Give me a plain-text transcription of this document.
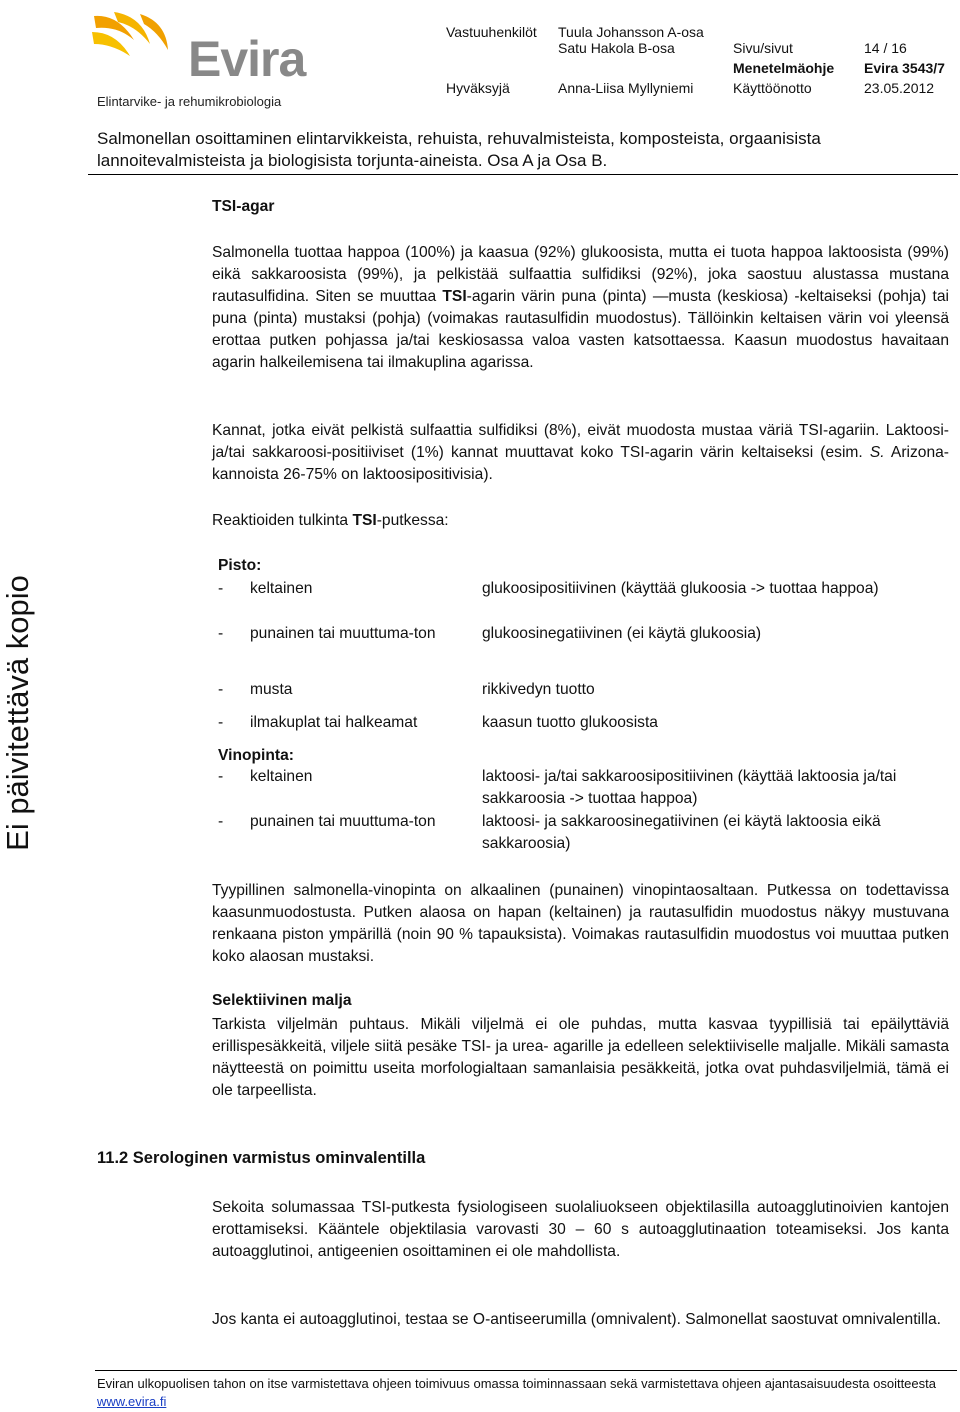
Evira
Elintarvike- ja rehumikrobiologia
Vastuuhenkilöt Tuula Johansson A-osa
Satu Hakola B-osa	Sivu/sivut	14 / 16
Menetelmäohje Evira 3543/7
Hyväksyjä	Anna-Liisa Myllyniemi	Käyttöönotto	23.05.2012
Salmonellan osoittaminen elintarvikkeista, rehuista, rehuvalmisteista, komposteista, orgaanisista lannoitevalmisteista ja biologisista torjunta-aineista. Osa A ja Osa B.
Ei päivitettävä kopio
TSI-agar
Salmonella tuottaa happoa (100%) ja kaasua (92%) glukoosista, mutta ei tuota happoa laktoosista (99%) eikä sakkaroosista (99%), ja pelkistää sulfaattia sulfidiksi (92%), joka saostuu alustassa mustana rautasulfidina. Siten se muuttaa TSI-agarin värin puna (pinta) —musta (keskiosa) -keltaiseksi (pohja) tai puna (pinta) mustaksi (pohja) (voimakas rautasulfidin muodostus). Tällöinkin keltaisen värin voi yleensä erottaa putken pohjassa ja/tai keskiosassa valoa vasten katsottaessa. Kaasun muodostus havaitaan agarin halkeilemisena tai ilmakuplina agarissa.
Kannat, jotka eivät pelkistä sulfaattia sulfidiksi (8%), eivät muodosta mustaa väriä TSI-agariin. Laktoosi- ja/tai sakkaroosi-positiiviset (1%) kannat muuttavat koko TSI-agarin värin keltaiseksi (esim. S. Arizona-kannoista 26-75% on laktoosipositivisia).
Reaktioiden tulkinta TSI-putkessa:
Pisto:
- keltainen	glukoosipositiivinen (käyttää glukoosia -> tuottaa happoa)
- punainen tai muuttuma-ton	glukoosinegatiivinen (ei käytä glukoosia)
- musta	rikkivedyn tuotto
- ilmakuplat tai halkeamat	kaasun tuotto glukoosista
Vinopinta:
- keltainen	laktoosi- ja/tai sakkaroosipositiivinen (käyttää laktoosia ja/tai sakkaroosia -> tuottaa happoa)
- punainen tai muuttuma-ton	laktoosi- ja sakkaroosinegatiivinen (ei käytä laktoosia eikä sakkaroosia)
Tyypillinen salmonella-vinopinta on alkaalinen (punainen) vinopintaosaltaan. Putkessa on todettavissa kaasunmuodostusta. Putken alaosa on hapan (keltainen) ja rautasulfidin muodostus näkyy mustuvana renkaana piston ympärillä (noin 90 % tapauksista). Voimakas rautasulfidin muodostus voi muuttaa putken koko alaosan mustaksi.
Selektiivinen malja
Tarkista viljelmän puhtaus. Mikäli viljelmä ei ole puhdas, mutta kasvaa tyypillisiä tai epäilyttäviä erillispesäkkeitä, viljele siitä pesäke TSI- ja urea- agarille ja edelleen selektiiviselle maljalle. Mikäli samasta näytteestä on poimittu useita morfologialtaan samanlaisia pesäkkeitä, jotka ovat puhdasviljelmiä, tämä ei ole tarpeellista.
11.2 Serologinen varmistus ominvalentilla
Sekoita solumassaa TSI-putkesta fysiologiseen suolaliuokseen objektilasilla autoagglutinoivien kantojen erottamiseksi. Kääntele objektilasia varovasti 30 – 60 s autoagglutinaation toteamiseksi. Jos kanta autoagglutinoi, antigeenien osoittaminen ei ole mahdollista.
Jos kanta ei autoagglutinoi, testaa se O-antiseerumilla (omnivalent). Salmonellat saostuvat omnivalentilla.
Eviran ulkopuolisen tahon on itse varmistettava ohjeen toimivuus omassa toiminnassaan sekä varmistettava ohjeen ajantasaisuudesta osoitteesta www.evira.fi
